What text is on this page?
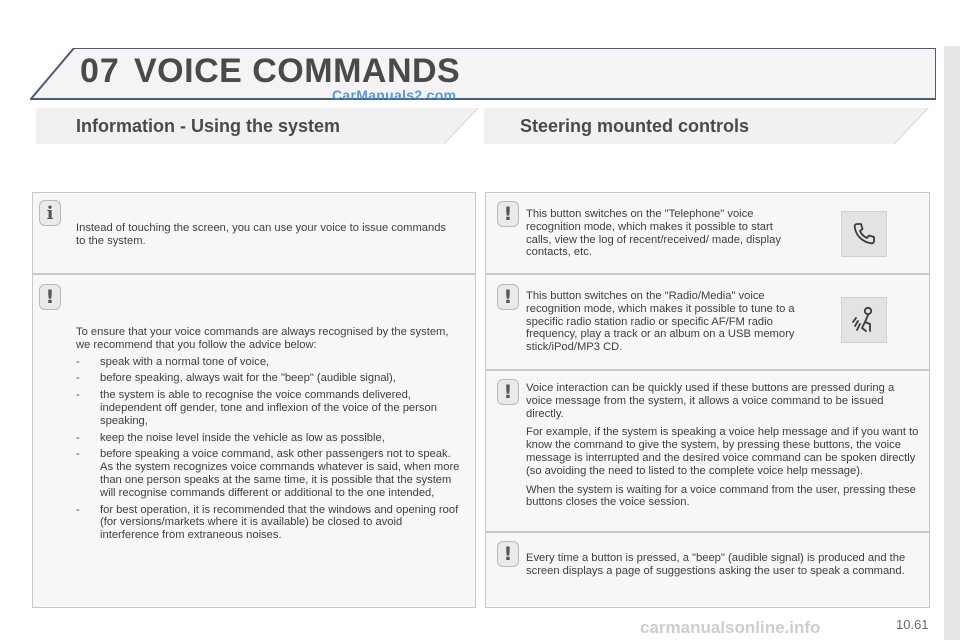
07 VOICE COMMANDS
CarManuals2.com
Information - Using the system	Steering mounted controls
i
Instead of touching the screen, you can use your voice to issue commands to the system.
!
To ensure that your voice commands are always recognised by the system, we recommend that you follow the advice below:
- speak with a normal tone of voice,
- before speaking, always wait for the "beep" (audible signal),
- the system is able to recognise the voice commands delivered, independent off gender, tone and inflexion of the voice of the person speaking,
- keep the noise level inside the vehicle as low as possible,
- before speaking a voice command, ask other passengers not to speak. As the system recognizes voice commands whatever is said, when more than one person speaks at the same time, it is possible that the system will recognise commands different or additional to the one intended,
- for best operation, it is recommended that the windows and opening roof (for versions/markets where it is available) be closed to avoid interference from extraneous noises.
!	This button switches on the "Telephone" voice recognition mode, which makes it possible to start calls, view the log of recent/received/ made, display contacts, etc.
!	This button switches on the "Radio/Media" voice recognition mode, which makes it possible to tune to a specific radio station radio or specific AF/FM radio frequency, play a track or an album on a USB memory stick/iPod/MP3 CD.
!	Voice interaction can be quickly used if these buttons are pressed during a voice message from the system, it allows a voice command to be issued directly.

For example, if the system is speaking a voice help message and if you want to know the command to give the system, by pressing these buttons, the voice message is interrupted and the desired voice command can be spoken directly (so avoiding the need to listed to the complete voice help message).

When the system is waiting for a voice command from the user, pressing these buttons closes the voice session.

!	Every time a button is pressed, a "beep" (audible signal) is produced and the screen displays a page of suggestions asking the user to speak a command.
carmanualsonline.info	10.61
